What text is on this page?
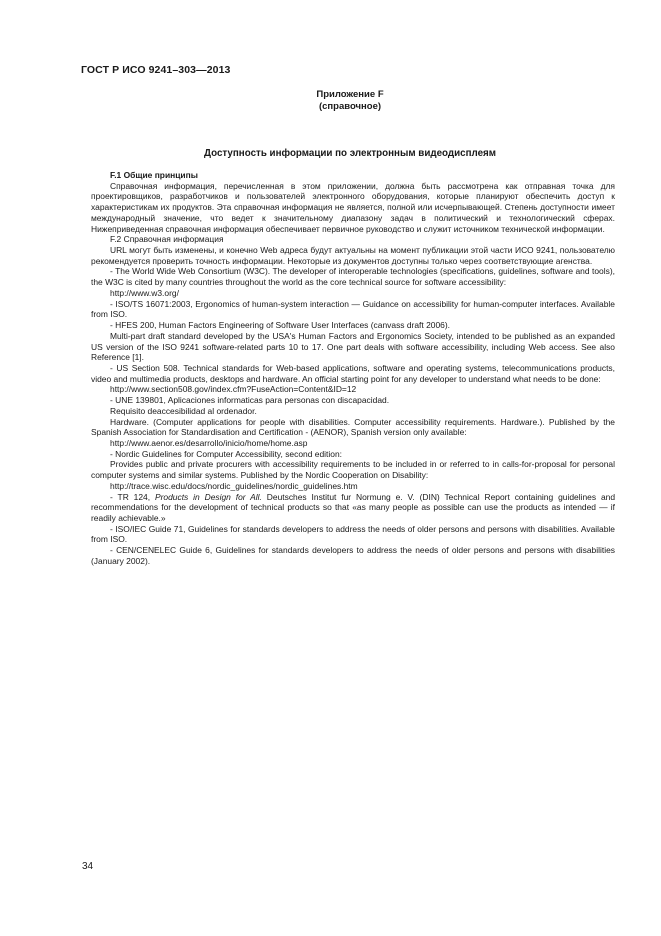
ГОСТ Р ИСО 9241–303—2013
Приложение F
(справочное)
Доступность информации по электронным видеодисплеям

F.1 Общие принципы

Справочная информация, перечисленная в этом приложении, должна быть рассмотрена как отправная точка для проектировщиков, разработчиков и пользователей электронного оборудования, которые планируют обеспечить доступ к характеристикам их продуктов. Эта справочная информация не является, полной или исчерпывающей. Степень доступности имеет международный значение, что ведет к значительному диапазону задач в политический и технологический сферах. Нижеприведенная справочная информация обеспечивает первичное руководство и служит источником технической информации.

F.2 Справочная информация

URL могут быть изменены, и конечно Web адреса будут актуальны на момент публикации этой части ИСО 9241, пользователю рекомендуется проверить точность информации. Некоторые из документов доступны только через соответствующие агенства.

- The World Wide Web Consortium (W3C). The developer of interoperable technologies (specifications, guidelines, software and tools), the W3C is cited by many countries throughout the world as the core technical source for software accessibility:

http://www.w3.org/

- ISO/TS 16071:2003, Ergonomics of human-system interaction — Guidance on accessibility for human-computer interfaces. Available from ISO.

- HFES 200, Human Factors Engineering of Software User Interfaces (canvass draft 2006).

Multi-part draft standard developed by the USA's Human Factors and Ergonomics Society, intended to be published as an expanded US version of the ISO 9241 software-related parts 10 to 17. One part deals with software accessibility, including Web access. See also Reference [1].

- US Section 508. Technical standards for Web-based applications, software and operating systems, telecommunications products, video and multimedia products, desktops and hardware. An official starting point for any developer to understand what needs to be done:

http://www.section508.gov/index.cfm?FuseAction=Content&ID=12

- UNE 139801, Aplicaciones informaticas para personas con discapacidad.

Requisito deaccesibilidad al ordenador.

Hardware. (Computer applications for people with disabilities. Computer accessibility requirements. Hardware.). Published by the Spanish Association for Standardisation and Certification - (AENOR), Spanish version only available:

http://www.aenor.es/desarrollo/inicio/home/home.asp

- Nordic Guidelines for Computer Accessibility, second edition:

Provides public and private procurers with accessibility requirements to be included in or referred to in calls-for-proposal for personal computer systems and similar systems. Published by the Nordic Cooperation on Disability:

http://trace.wisc.edu/docs/nordic_guidelines/nordic_guidelines.htm

- TR 124, Products in Design for All. Deutsches Institut fur Normung e. V. (DIN) Technical Report containing guidelines and recommendations for the development of technical products so that «as many people as possible can use the products as intended — if readily achievable.»

- ISO/IEC Guide 71, Guidelines for standards developers to address the needs of older persons and persons with disabilities. Available from ISO.

- CEN/CENELEC Guide 6, Guidelines for standards developers to address the needs of older persons and persons with disabilities (January 2002).

34
